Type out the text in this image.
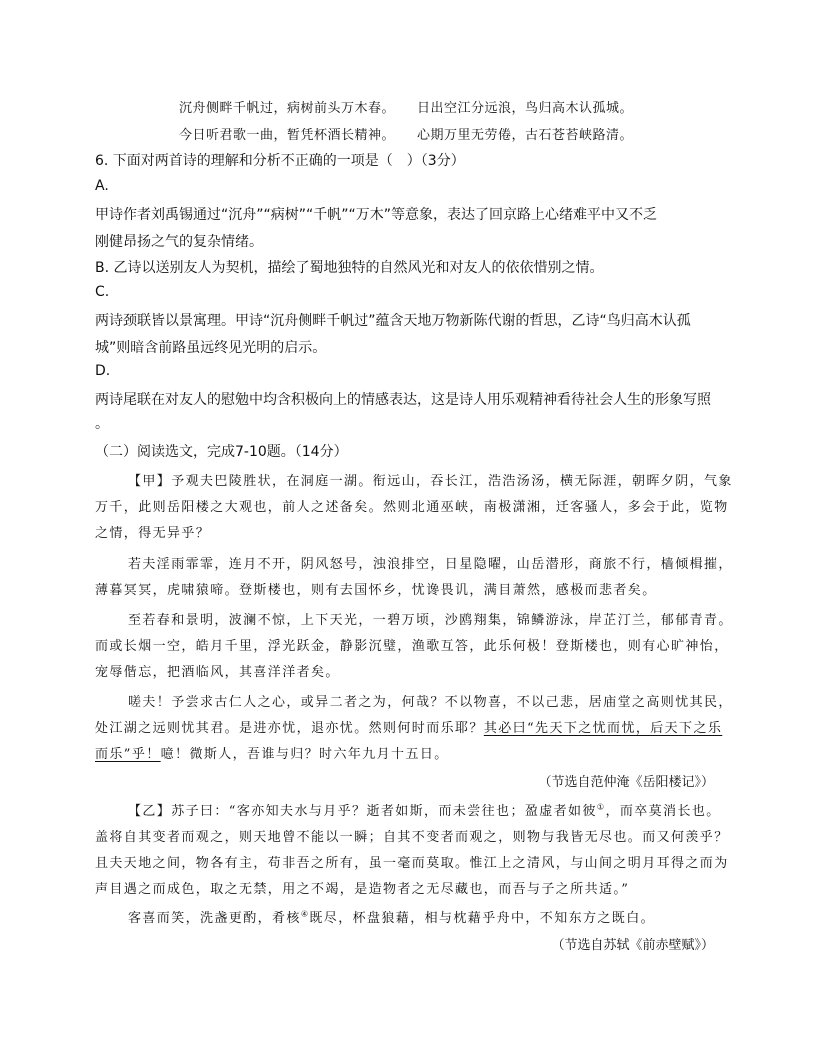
沉舟侧畔千帆过，病树前头万木春。 日出空江分远浪，鸟归高木认孤城。
今日听君歌一曲，暂凭杯酒长精神。 心期万里无劳倦，古石苍苔峡路清。
6. 下面对两首诗的理解和分析不正确的一项是（　）（3分）
A.
甲诗作者刘禹锡通过“沉舟”“病树”“千帆”“万木”等意象，表达了回京路上心绪难平中又不乏
刚健昂扬之气的复杂情绪。
B. 乙诗以送别友人为契机，描绘了蜀地独特的自然风光和对友人的依依惜别之情。
C.
两诗颈联皆以景寓理。甲诗“沉舟侧畔千帆过”蕴含天地万物新陈代谢的哲思，乙诗“鸟归高木认孤
城”则暗含前路虽远终见光明的启示。
D.
两诗尾联在对友人的慰勉中均含积极向上的情感表达，这是诗人用乐观精神看待社会人生的形象写照
。
（二）阅读选文，完成7-10题。（14分）
【甲】予观夫巴陵胜状，在洞庭一湖。衔远山，吞长江，浩浩汤汤，横无际涯，朝晖夕阴，气象
万千，此则岳阳楼之大观也，前人之述备矣。然则北通巫峡，南极潇湘，迁客骚人，多会于此，览物
之情，得无异乎？
若夫淫雨霏霏，连月不开，阴风怒号，浊浪排空，日星隐曜，山岳潜形，商旅不行，樯倾楫摧，
薄暮冥冥，虎啸猿啼。登斯楼也，则有去国怀乡，忧谗畏讥，满目萧然，感极而悲者矣。
至若春和景明，波澜不惊，上下天光，一碧万顷，沙鸥翔集，锦鳞游泳，岸芷汀兰，郁郁青青。
而或长烟一空，皓月千里，浮光跃金，静影沉璧，渔歌互答，此乐何极！登斯楼也，则有心旷神怡，
宠辱偕忘，把酒临风，其喜洋洋者矣。
嗟夫！予尝求古仁人之心，或异二者之为，何哉？不以物喜，不以己悲，居庙堂之高则忧其民，
处江湖之远则忧其君。是进亦忧，退亦忧。然则何时而乐耶？其必曰“先天下之忧而忧，后天下之乐
而乐”乎！噫！微斯人，吾谁与归？时六年九月十五日。
（节选自范仲淹《岳阳楼记》）
【乙】苏子曰：“客亦知夫水与月乎？逝者如斯，而未尝往也；盈虚者如彼①，而卒莫消长也。
盖将自其变者而观之，则天地曾不能以一瞬；自其不变者而观之，则物与我皆无尽也。而又何羡乎？
且夫天地之间，物各有主，苟非吾之所有，虽一毫而莫取。惟江上之清风，与山间之明月耳得之而为
声目遇之而成色，取之无禁，用之不竭，是造物者之无尽藏也，而吾与子之所共适。”
客喜而笑，洗盏更酌，肴核④既尽，杯盘狼藉，相与枕藉乎舟中，不知东方之既白。
（节选自苏轼《前赤壁赋》）
